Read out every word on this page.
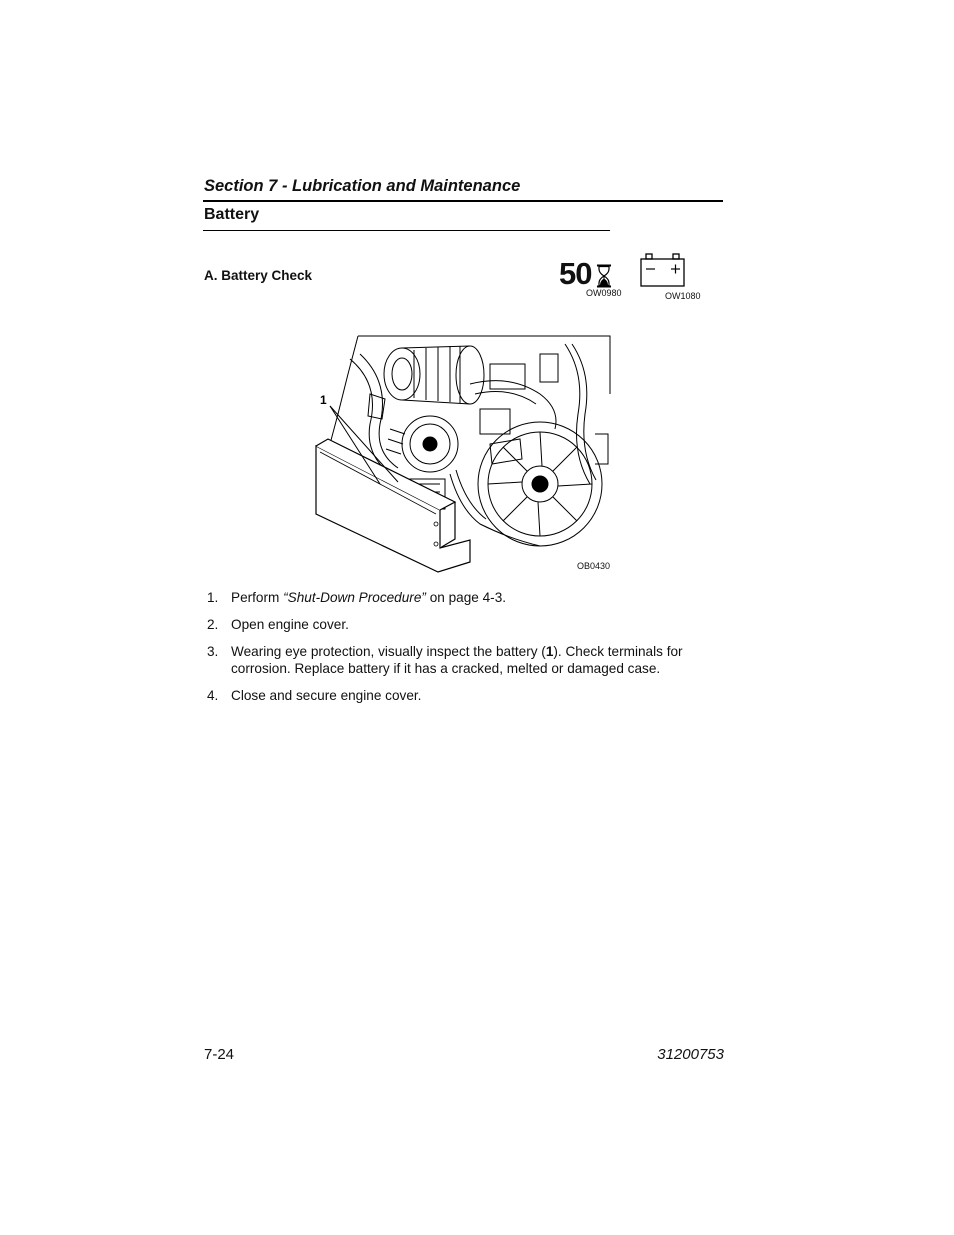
Section 7 - Lubrication and Maintenance
Battery
A. Battery Check	50
OW0980	OW1080
1
OB0430
1. Perform “Shut-Down Procedure” on page 4-3.
2. Open engine cover.
3. Wearing eye protection, visually inspect the battery (1). Check terminals for corrosion. Replace battery if it has a cracked, melted or damaged case.
4. Close and secure engine cover.
7-24	31200753
